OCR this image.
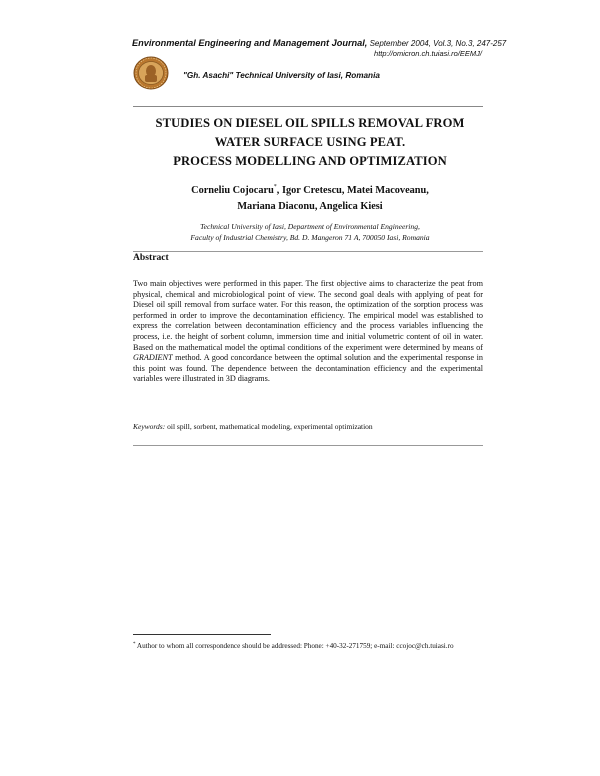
Environmental Engineering and Management Journal, September 2004, Vol.3, No.3, 247-257
http://omicron.ch.tuiasi.ro/EEMJ/
"Gh. Asachi" Technical University of Iasi, Romania
STUDIES ON DIESEL OIL SPILLS REMOVAL FROM
WATER SURFACE USING PEAT.
PROCESS MODELLING AND OPTIMIZATION
Corneliu Cojocaru*, Igor Cretescu, Matei Macoveanu,
Mariana Diaconu, Angelica Kiesi
Technical University of Iasi, Department of Environmental Engineering,
Faculty of Industrial Chemistry, Bd. D. Mangeron 71 A, 700050 Iasi, Romania
Abstract
Two main objectives were performed in this paper. The first objective aims to characterize the peat from physical, chemical and microbiological point of view. The second goal deals with applying of peat for Diesel oil spill removal from surface water. For this reason, the optimization of the sorption process was performed in order to improve the decontamination efficiency. The empirical model was established to express the correlation between decontamination efficiency and the process variables influencing the process, i.e. the height of sorbent column, immersion time and initial volumetric content of oil in water. Based on the mathematical model the optimal conditions of the experiment were determined by means of GRADIENT method. A good concordance between the optimal solution and the experimental response in this point was found. The dependence between the decontamination efficiency and the experimental variables were illustrated in 3D diagrams.
Keywords: oil spill, sorbent, mathematical modeling, experimental optimization
* Author to whom all correspondence should be addressed: Phone: +40-32-271759; e-mail: ccojoc@ch.tuiasi.ro
